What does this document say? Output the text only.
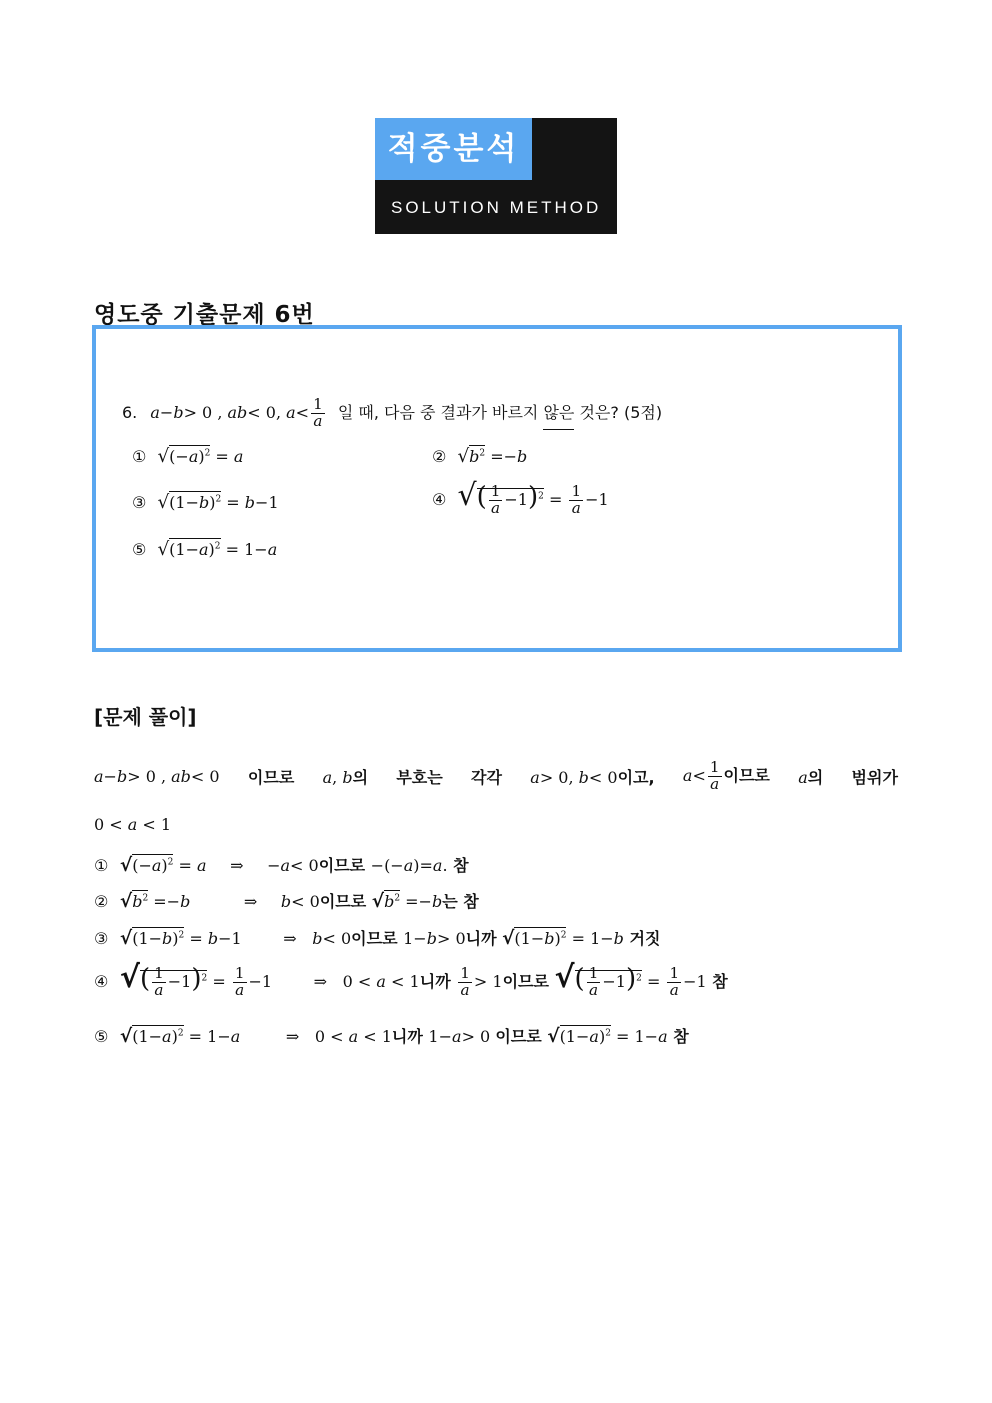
적중분석
SOLUTION METHOD
영도중 기출문제 6번
6. a−b> 0 , ab< 0, $a< \frac{1}{a}$ 일 때, 다음 중 결과가 바르지 않은 것은? (5점)
① $√(-a)^2 = a$	② $√b^2 =-b$
③ $√(1-b)^2 = b-1$	④ √( $\frac{1}{a} -1)^2 = \frac{1}{a} -1$
⑤ $√(1-a)^2 = 1-a$
[문제 풀이]
a−b> 0 , ab< 0 이므로 a, b의 부호는 각각 a> 0, b< 0이고, $a< \frac{1}{a}$ 이므로 a의 범위가
0 < a < 1
① $√(-a)^2 = a$ ⇒ −a< 0이므로 −(−a)=a. 참
② $√b^2 =-b$	⇒ b< 0이므로 $√b^2 =-b$는 참
③ $√(1-b)^2 = b-1$	⇒ b< 0이므로 1−b> 0니까 $√(1-b)^2 = 1-b$ 거짓
④ √( $\frac{1}{a} -1)^2 = \frac{1}{a} -1$	⇒ 0 < a < 1니까 $\frac{1}{a} > 1$이므로 √( $\frac{1}{a} -1)^2 = \frac{1}{a} -1$ 참
⑤ $√(1-a)^2 = 1-a$	⇒ 0 < a < 1니까 1−a> 0 이므로 $√(1-a)^2 = 1-a$ 참
